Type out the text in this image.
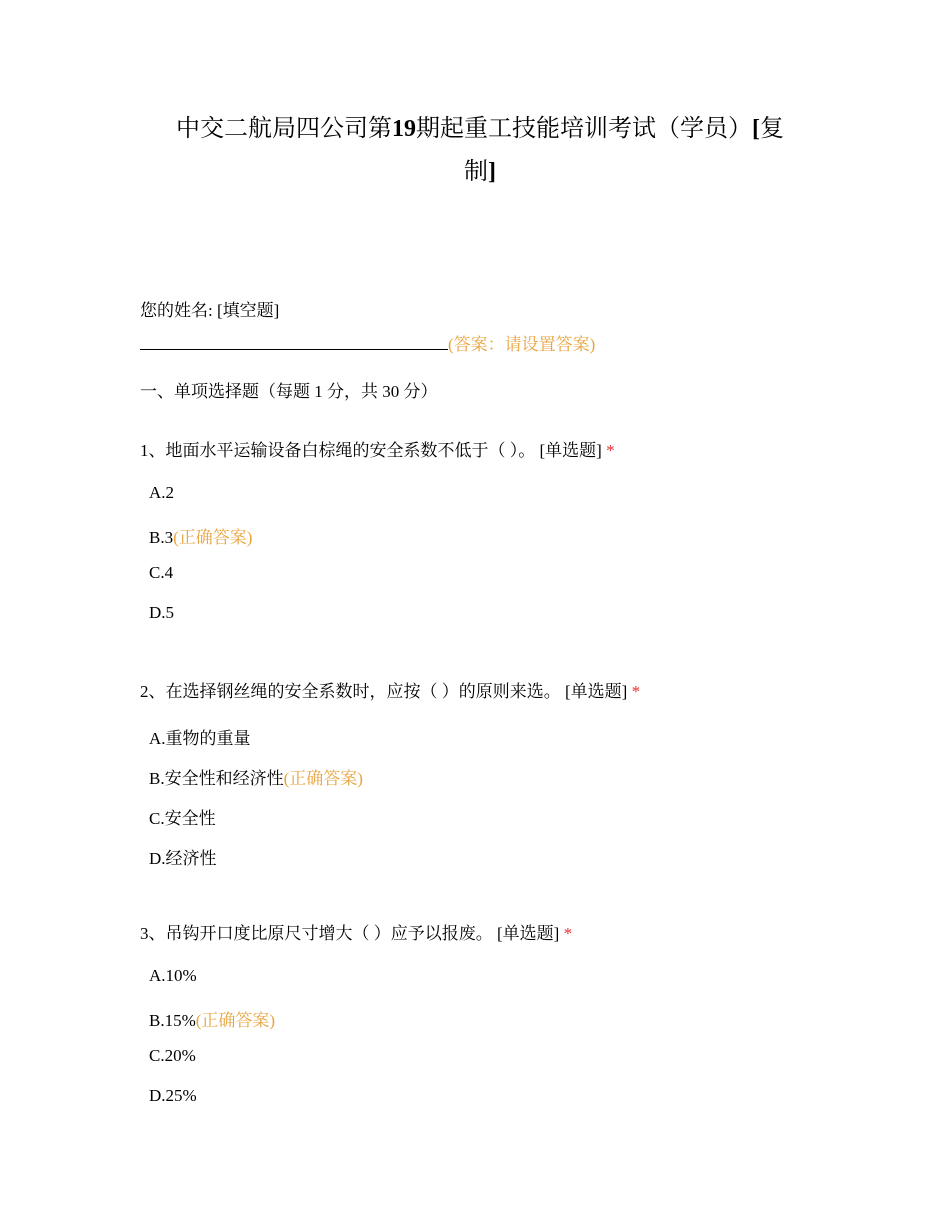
中交二航局四公司第19期起重工技能培训考试（学员）[复
制]
您的姓名: [填空题]
(答案：请设置答案)
一、单项选择题（每题 1 分，共 30 分）
1、地面水平运输设备白棕绳的安全系数不低于（ ）。 [单选题] *
A.2
B.3(正确答案)
C.4
D.5
2、在选择钢丝绳的安全系数时，应按（ ）的原则来选。 [单选题] *
A.重物的重量
B.安全性和经济性(正确答案)
C.安全性
D.经济性
3、吊钩开口度比原尺寸增大（ ）应予以报废。 [单选题] *
A.10%
B.15%(正确答案)
C.20%
D.25%
